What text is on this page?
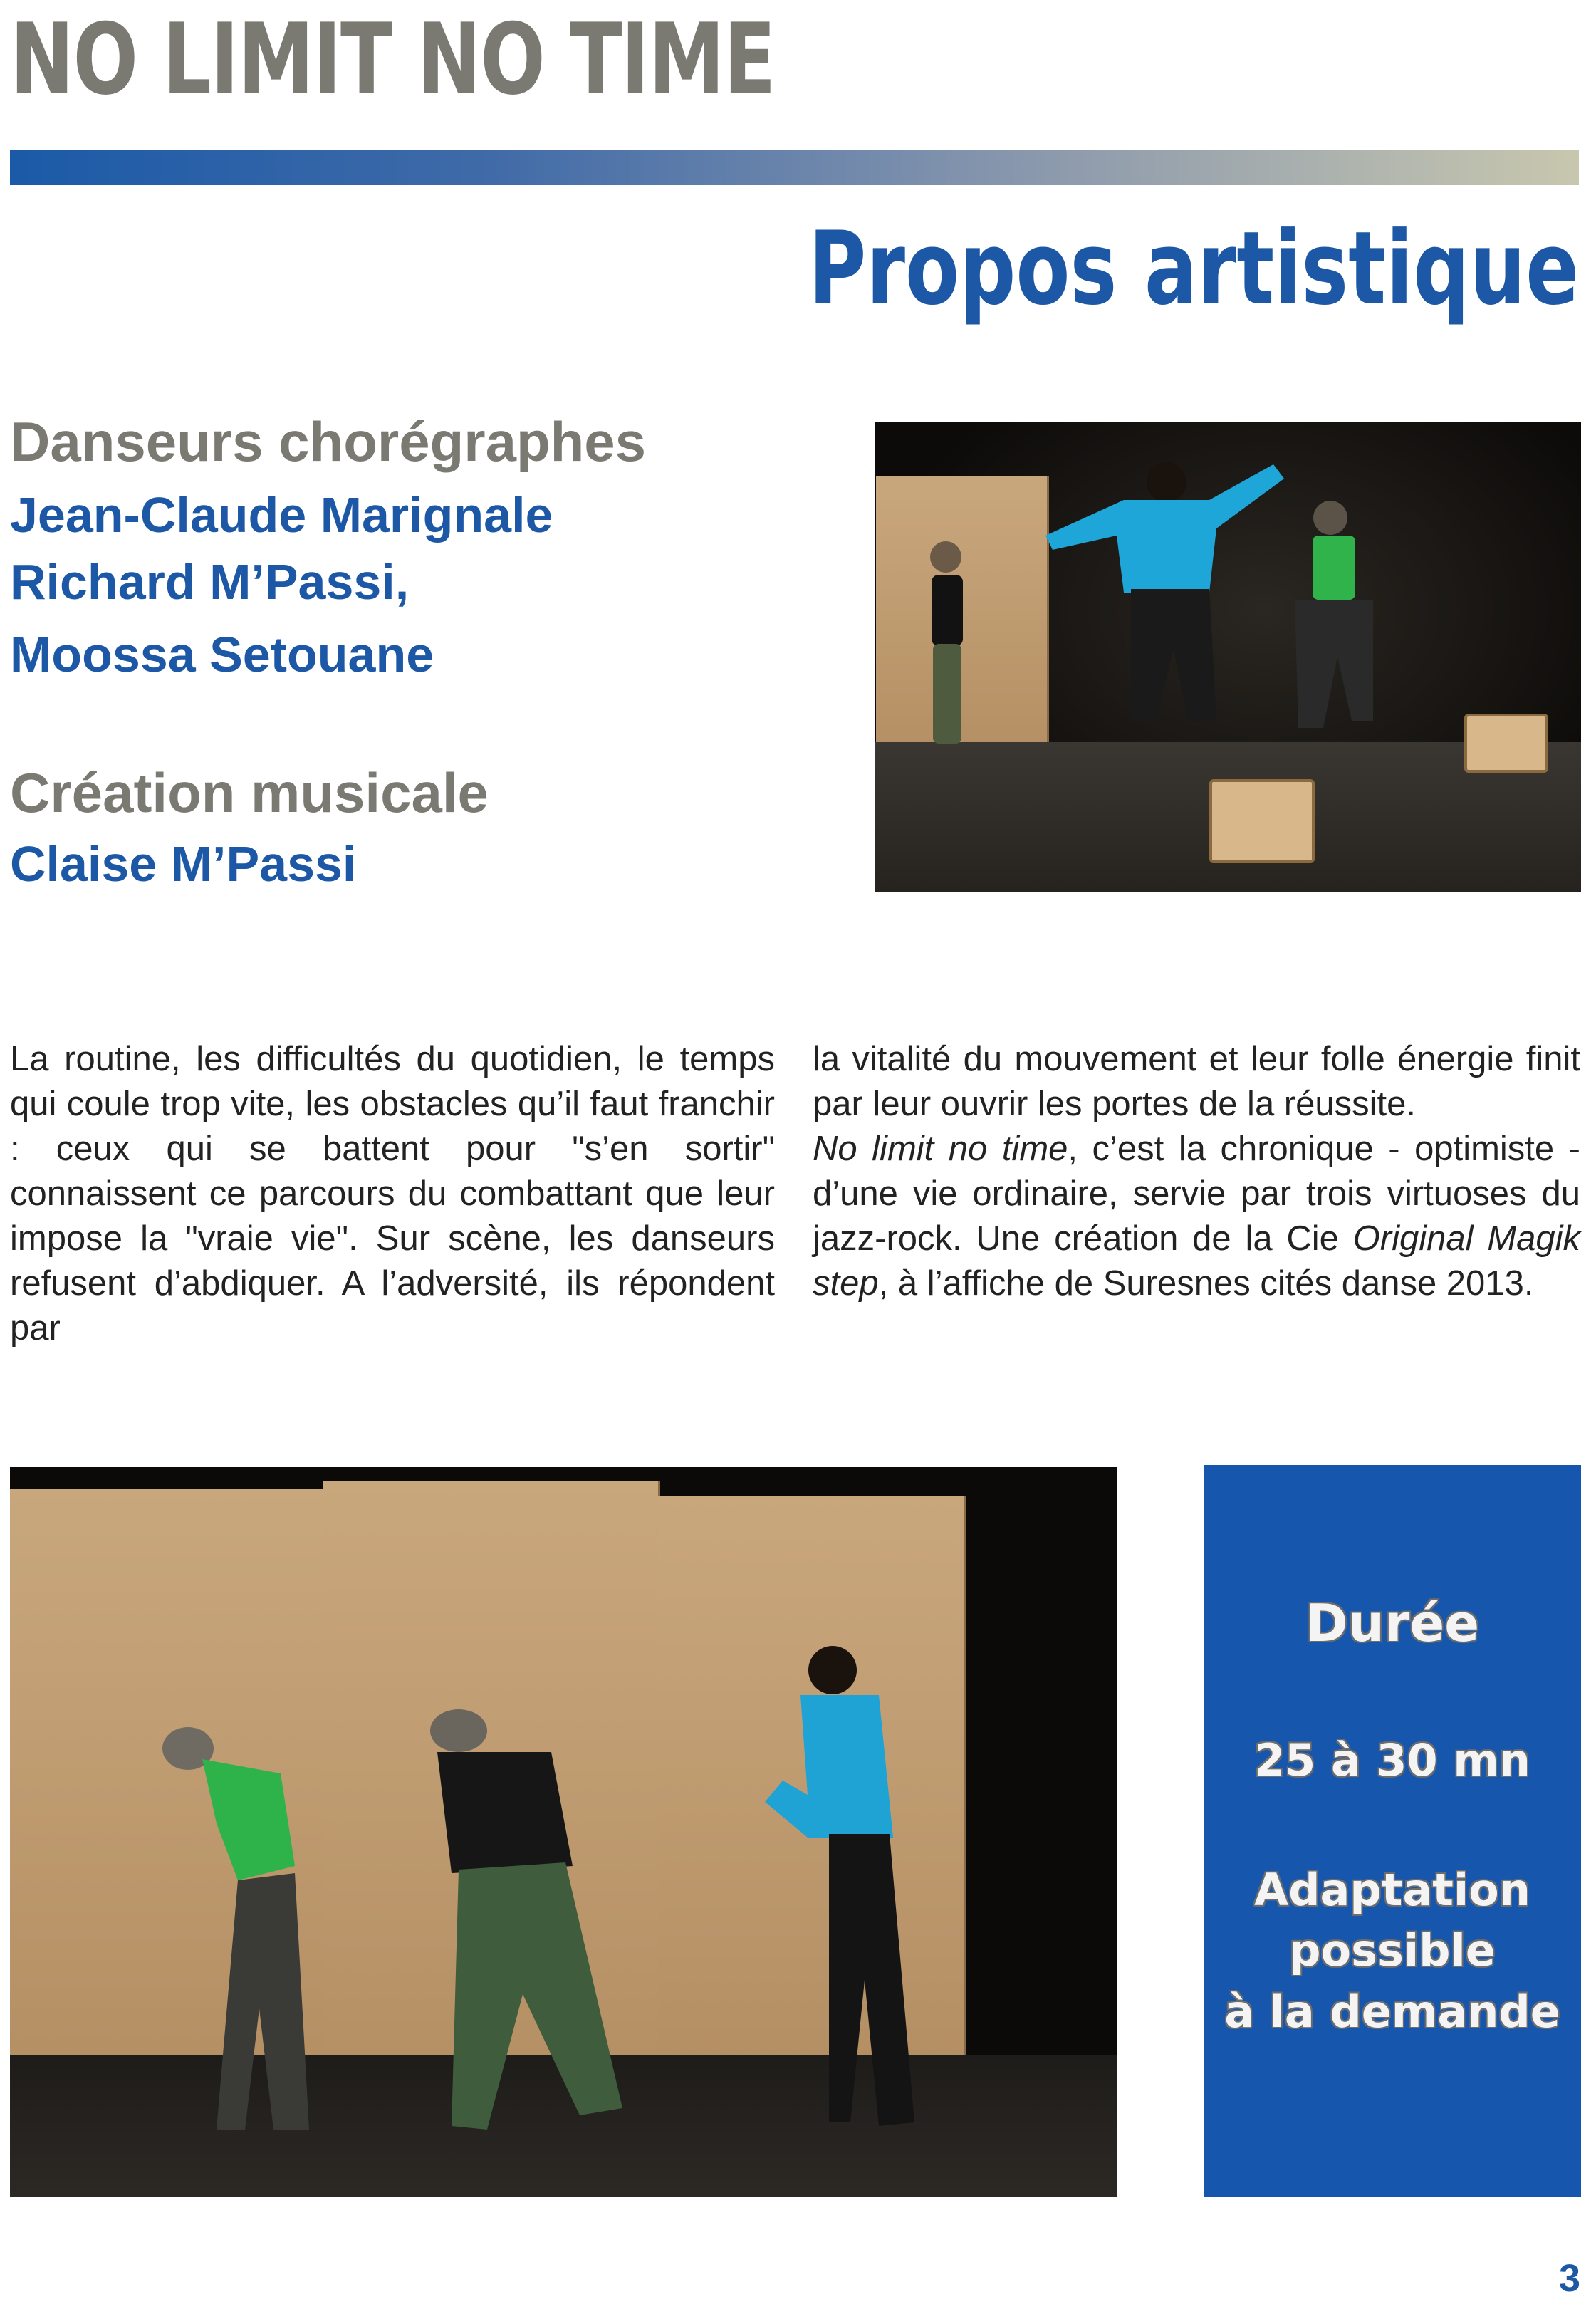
NO LIMIT NO TIME
Propos artistique
Danseurs chorégraphes
Jean-Claude Marignale
Richard M’Passi,
Moossa Setouane
Création musicale
Claise M’Passi

La routine, les difficultés du quotidien, le temps qui coule trop vite, les obstacles qu’il faut franchir : ceux qui se battent pour "s’en sortir" connaissent ce parcours du combattant que leur impose la "vraie vie". Sur scène, les danseurs refusent d’abdiquer. A l’adversité, ils répondent par

la vitalité du mouvement et leur folle énergie finit par leur ouvrir les portes de la réussite.
No limit no time, c’est la chronique - optimiste - d’une vie ordinaire, servie par trois virtuoses du jazz-rock. Une création de la Cie Original Magik step, à l’affiche de Suresnes cités danse 2013.

Durée
25 à 30 mn
Adaptation
possible
à la demande
3
